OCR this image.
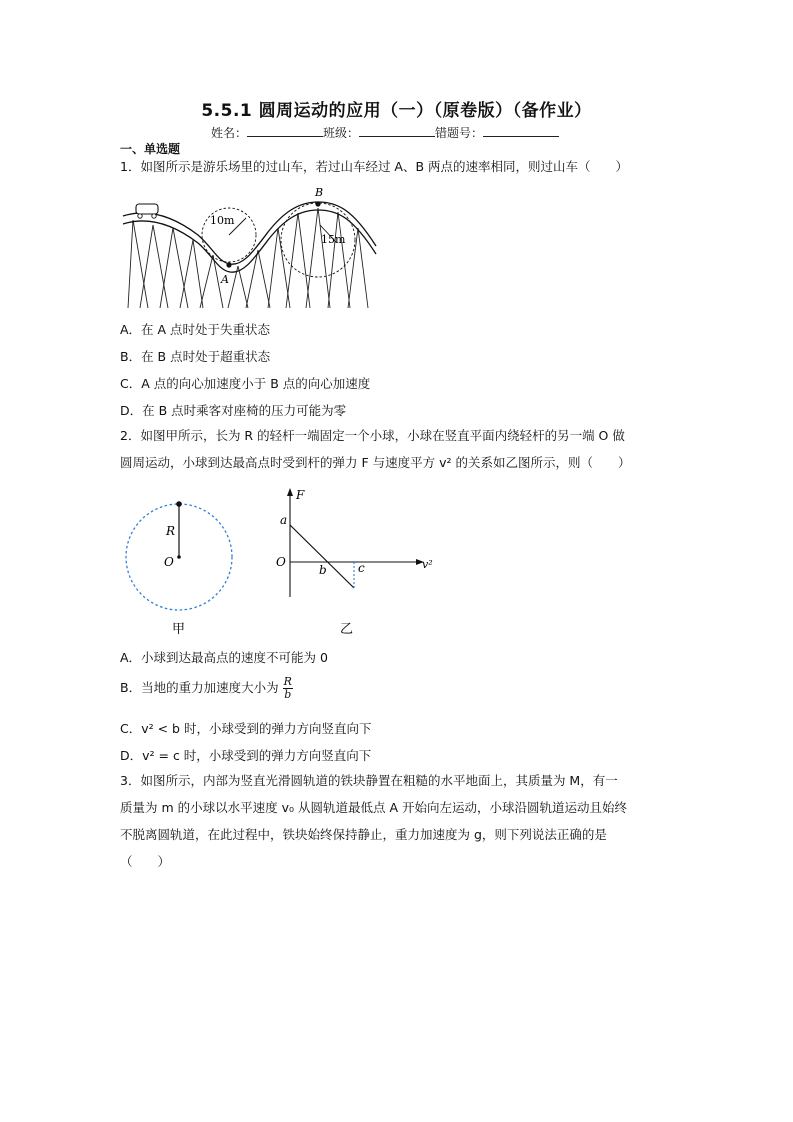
5.5.1 圆周运动的应用（一）（原卷版）（备作业）
姓名：	班级：	错题号：
一、单选题
1．如图所示是游乐场里的过山车，若过山车经过 A、B 两点的速率相同，则过山车（　　）
10m
A
B
15m
A．在 A 点时处于失重状态
B．在 B 点时处于超重状态
C．A 点的向心加速度小于 B 点的向心加速度
D．在 B 点时乘客对座椅的压力可能为零
2．如图甲所示，长为 R 的轻杆一端固定一个小球，小球在竖直平面内绕轻杆的另一端 O 做
圆周运动，小球到达最高点时受到杆的弹力 F 与速度平方 v² 的关系如乙图所示，则（　　）
R
O
甲
F
v²
a
O
b	c
乙
A．小球到达最高点的速度不可能为 0
B．当地的重力加速度大小为 $\frac{R}{b}$
C．v² < b 时，小球受到的弹力方向竖直向下
D．v² = c 时，小球受到的弹力方向竖直向下
3．如图所示，内部为竖直光滑圆轨道的铁块静置在粗糙的水平地面上，其质量为 M，有一
质量为 m 的小球以水平速度 v₀ 从圆轨道最低点 A 开始向左运动，小球沿圆轨道运动且始终
不脱离圆轨道，在此过程中，铁块始终保持静止，重力加速度为 g，则下列说法正确的是
（　　）
